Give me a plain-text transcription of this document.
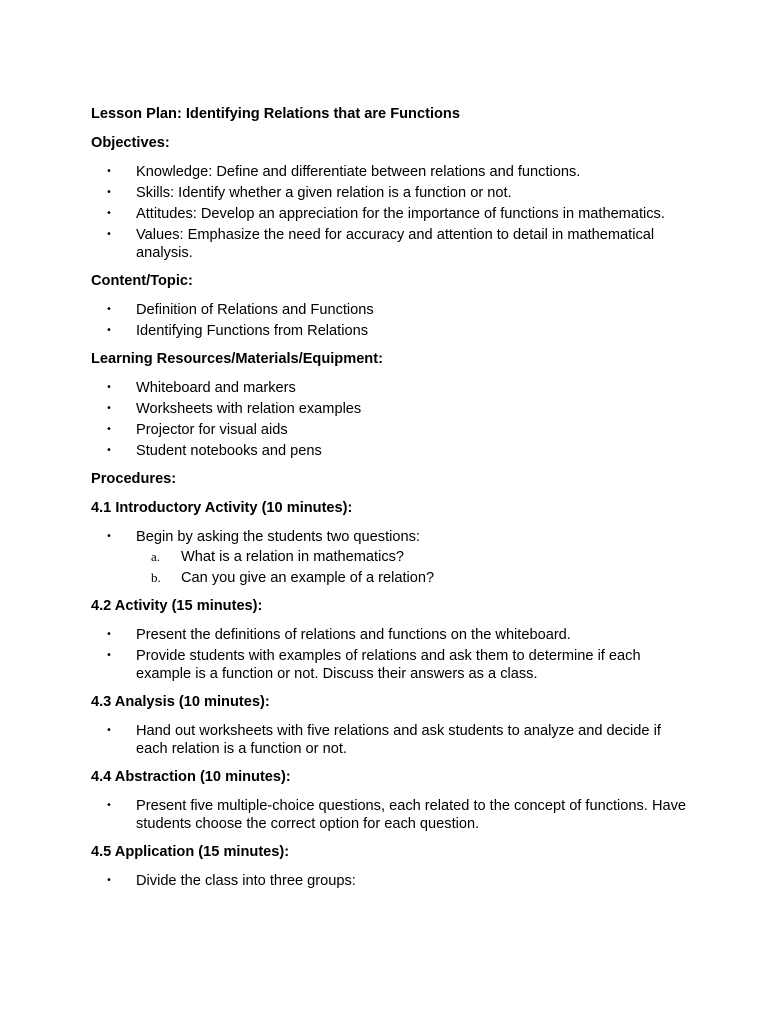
Lesson Plan: Identifying Relations that are Functions
Objectives:
• Knowledge: Define and differentiate between relations and functions.
• Skills: Identify whether a given relation is a function or not.
• Attitudes: Develop an appreciation for the importance of functions in mathematics.
• Values: Emphasize the need for accuracy and attention to detail in mathematical analysis.
Content/Topic:
• Definition of Relations and Functions
• Identifying Functions from Relations
Learning Resources/Materials/Equipment:
• Whiteboard and markers
• Worksheets with relation examples
• Projector for visual aids
• Student notebooks and pens
Procedures:
4.1 Introductory Activity (10 minutes):
• Begin by asking the students two questions:
a. What is a relation in mathematics?
b. Can you give an example of a relation?
4.2 Activity (15 minutes):
• Present the definitions of relations and functions on the whiteboard.
• Provide students with examples of relations and ask them to determine if each example is a function or not. Discuss their answers as a class.
4.3 Analysis (10 minutes):
• Hand out worksheets with five relations and ask students to analyze and decide if each relation is a function or not.
4.4 Abstraction (10 minutes):
• Present five multiple-choice questions, each related to the concept of functions. Have students choose the correct option for each question.
4.5 Application (15 minutes):
• Divide the class into three groups:
